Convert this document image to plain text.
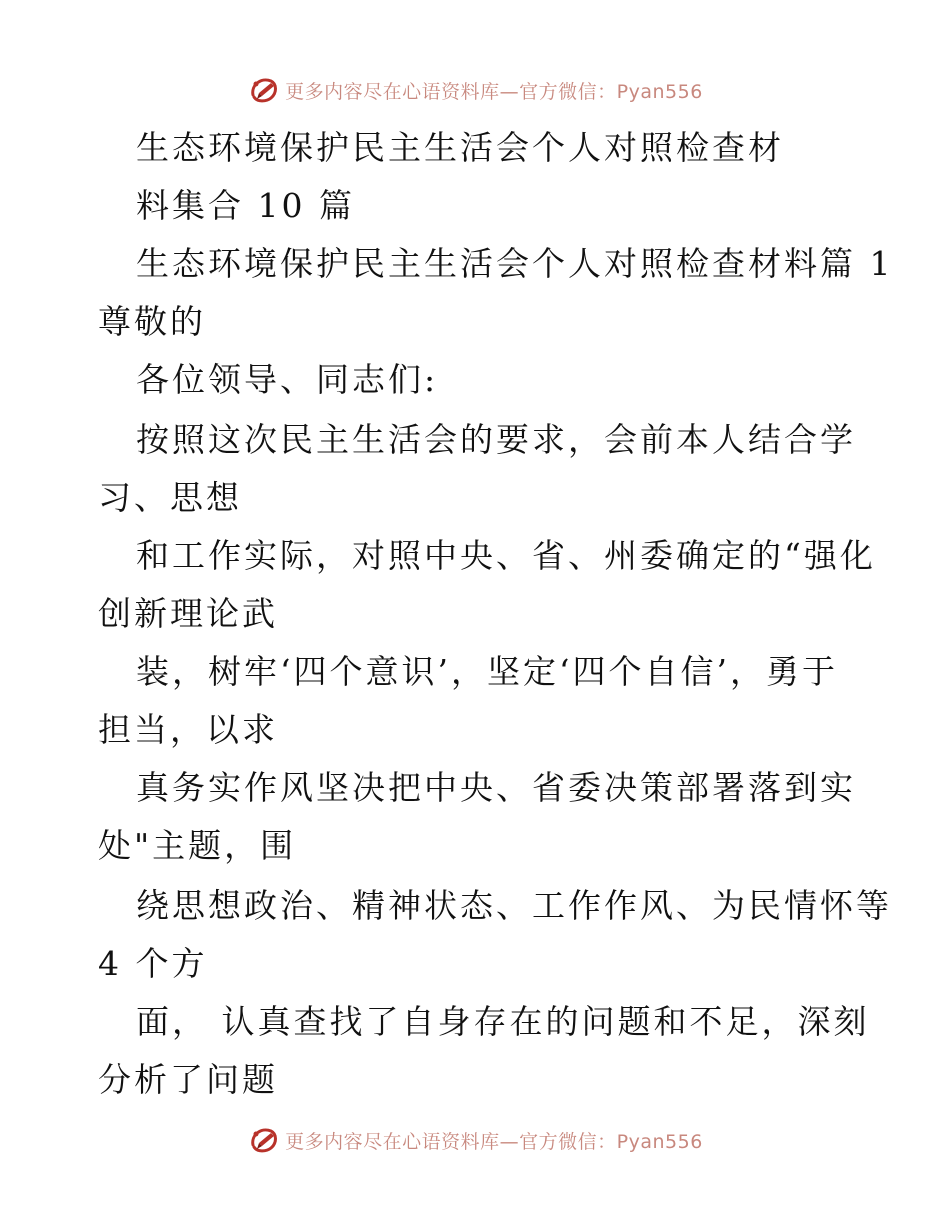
更多内容尽在心语资料库—官方微信：Pyan556
生态环境保护民主生活会个人对照检查材
料集合 10 篇
生态环境保护民主生活会个人对照检查材料篇 1
尊敬的
各位领导、同志们:
按照这次民主生活会的要求，会前本人结合学
习、思想
和工作实际，对照中央、省、州委确定的“强化
创新理论武
装，树牢‘四个意识’，坚定‘四个自信’，勇于
担当，以求
真务实作风坚决把中央、省委决策部署落到实
处"主题，围
绕思想政治、精神状态、工作作风、为民情怀等
4 个方
面， 认真查找了自身存在的问题和不足，深刻
分析了问题
更多内容尽在心语资料库—官方微信：Pyan556
